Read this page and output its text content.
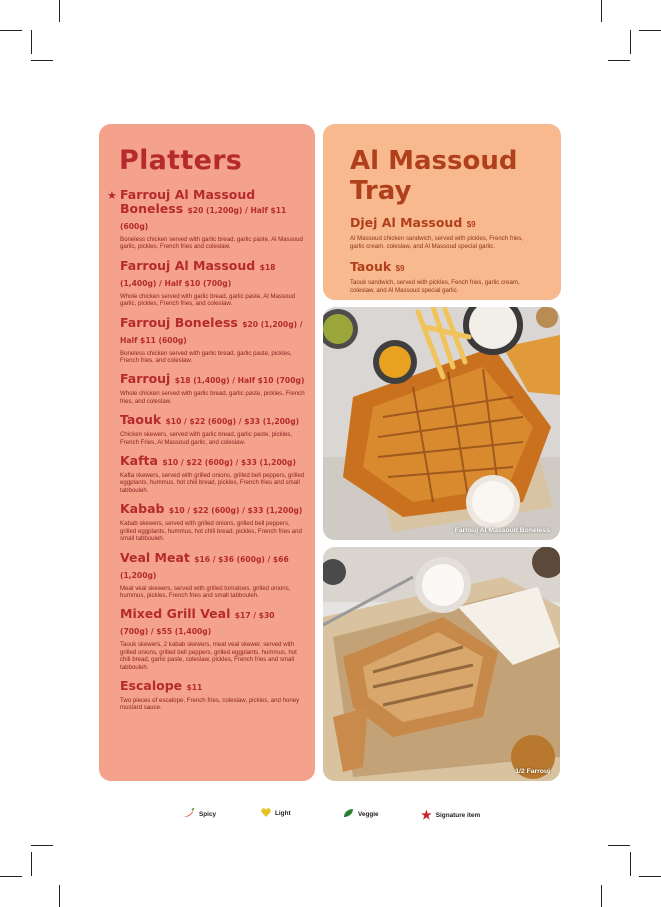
Platters
★ Farrouj Al Massoud Boneless $20 (1,200g) / Half $11 (600g)
Boneless chicken served with garlic bread, garlic paste, Al Massoud garlic, pickles, French fries and coleslaw.
Farrouj Al Massoud $18 (1,400g) / Half $10 (700g)
Whole chicken served with garlic bread, garlic paste, Al Massoud garlic, pickles, French fries, and coleslaw.
Farrouj Boneless $20 (1,200g) / Half $11 (600g)
Boneless chicken served with garlic bread, garlic paste, pickles, French fries, and coleslaw.
Farrouj $18 (1,400g) / Half $10 (700g)
Whole chicken served with garlic bread, garlic paste, pickles, French fries, and coleslaw.
Taouk $10 / $22 (600g) / $33 (1,200g)
Chicken skewers, served with garlic bread, garlic paste, pickles, French Fries, Al Massoud garlic, and coleslaw.
Kafta $10 / $22 (600g) / $33 (1,200g)
Kafta skewers, served with grilled onions, grilled bell peppers, grilled eggplants, hummus, hot chili bread, pickles, French fries and small tabbouleh.
Kabab $10 / $22 (600g) / $33 (1,200g)
Kabab skewers, served with grilled onions, grilled bell peppers, grilled eggplants, hummus, hot chili bread, pickles, French fries and small tabbouleh.
Veal Meat $16 / $36 (600g) / $66 (1,200g)
Meat veal skewers, served with grilled tomatoes, grilled onions, hummus, pickles, French fries and small tabbouleh.
Mixed Grill Veal $17 / $30 (700g) / $55 (1,400g)
Taouk skewers, 2 kabab skewers, meat veal skewer, served with grilled onions, grilled bell peppers, grilled eggplants, hummus, hot chili bread, garlic paste, coleslaw, pickles, French fries and small tabbouleh.
Escalope $11
Two pieces of escalope, French fries, coleslaw, pickles, and honey mustard sauce.
Al Massoud
Tray
Djej Al Massoud $9
Al Massoud chicken sandwich, served with pickles, French fries, garlic cream, coleslaw, and Al Massoud special garlic.
Taouk $9
Taouk sandwich, served with pickles, Fench fries, garlic cream, coleslaw, and Al Massoud special garlic.
Farrouj Al Massoud Boneless
1/2 Farrouj
Spicy	Light	Veggie	★ Signature item
